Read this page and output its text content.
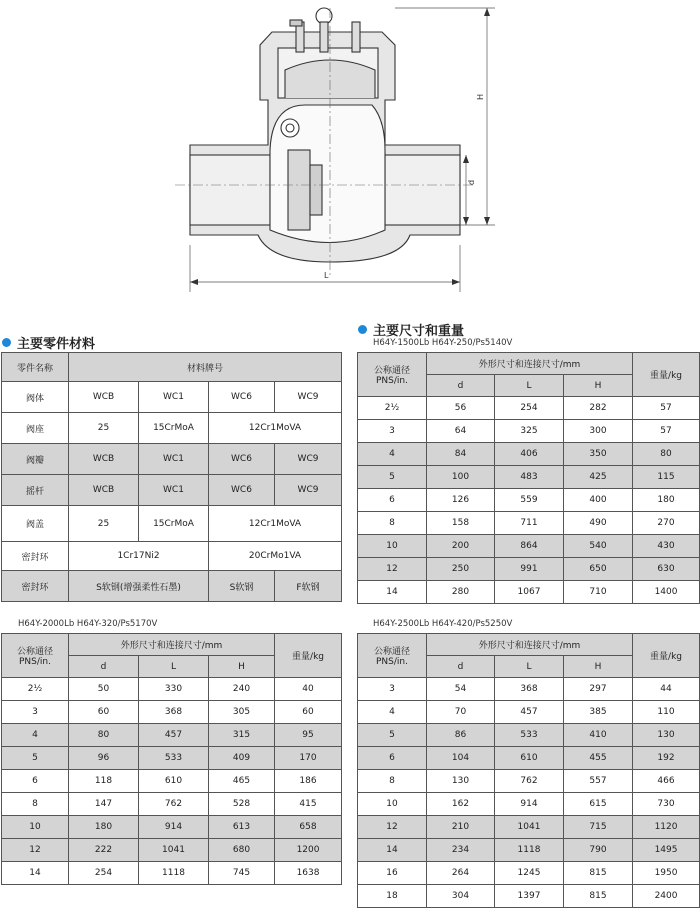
H
d
L
主要零件材料
零件名称	材料牌号			
阀体	WCB	WC1	WC6	WC9
阀座	25	15CrMoA	12Cr1MoVA	
阀瓣	WCB	WC1	WC6	WC9
摇杆	WCB	WC1	WC6	WC9
阀盖	25	15CrMoA	12Cr1MoVA	
密封环	1Cr17Ni2		20CrMo1VA	
密封环	S软钢(增强柔性石墨)		S软钢	F软钢
主要尺寸和重量
H64Y-1500Lb H64Y-250/Ps5140V
公称通径
PNS/in.	外形尺寸和连接尺寸/mm			重量/kg
	d	L	H	
2½	56	254	282	57
3	64	325	300	57
4	84	406	350	80
5	100	483	425	115
6	126	559	400	180
8	158	711	490	270
10	200	864	540	430
12	250	991	650	630
14	280	1067	710	1400
H64Y-2000Lb H64Y-320/Ps5170V
公称通径
PNS/in.	外形尺寸和连接尺寸/mm			重量/kg
	d	L	H	
2½	50	330	240	40
3	60	368	305	60
4	80	457	315	95
5	96	533	409	170
6	118	610	465	186
8	147	762	528	415
10	180	914	613	658
12	222	1041	680	1200
14	254	1118	745	1638
H64Y-2500Lb H64Y-420/Ps5250V
公称通径
PNS/in.	外形尺寸和连接尺寸/mm			重量/kg
	d	L	H	
3	54	368	297	44
4	70	457	385	110
5	86	533	410	130
6	104	610	455	192
8	130	762	557	466
10	162	914	615	730
12	210	1041	715	1120
14	234	1118	790	1495
16	264	1245	815	1950
18	304	1397	815	2400
